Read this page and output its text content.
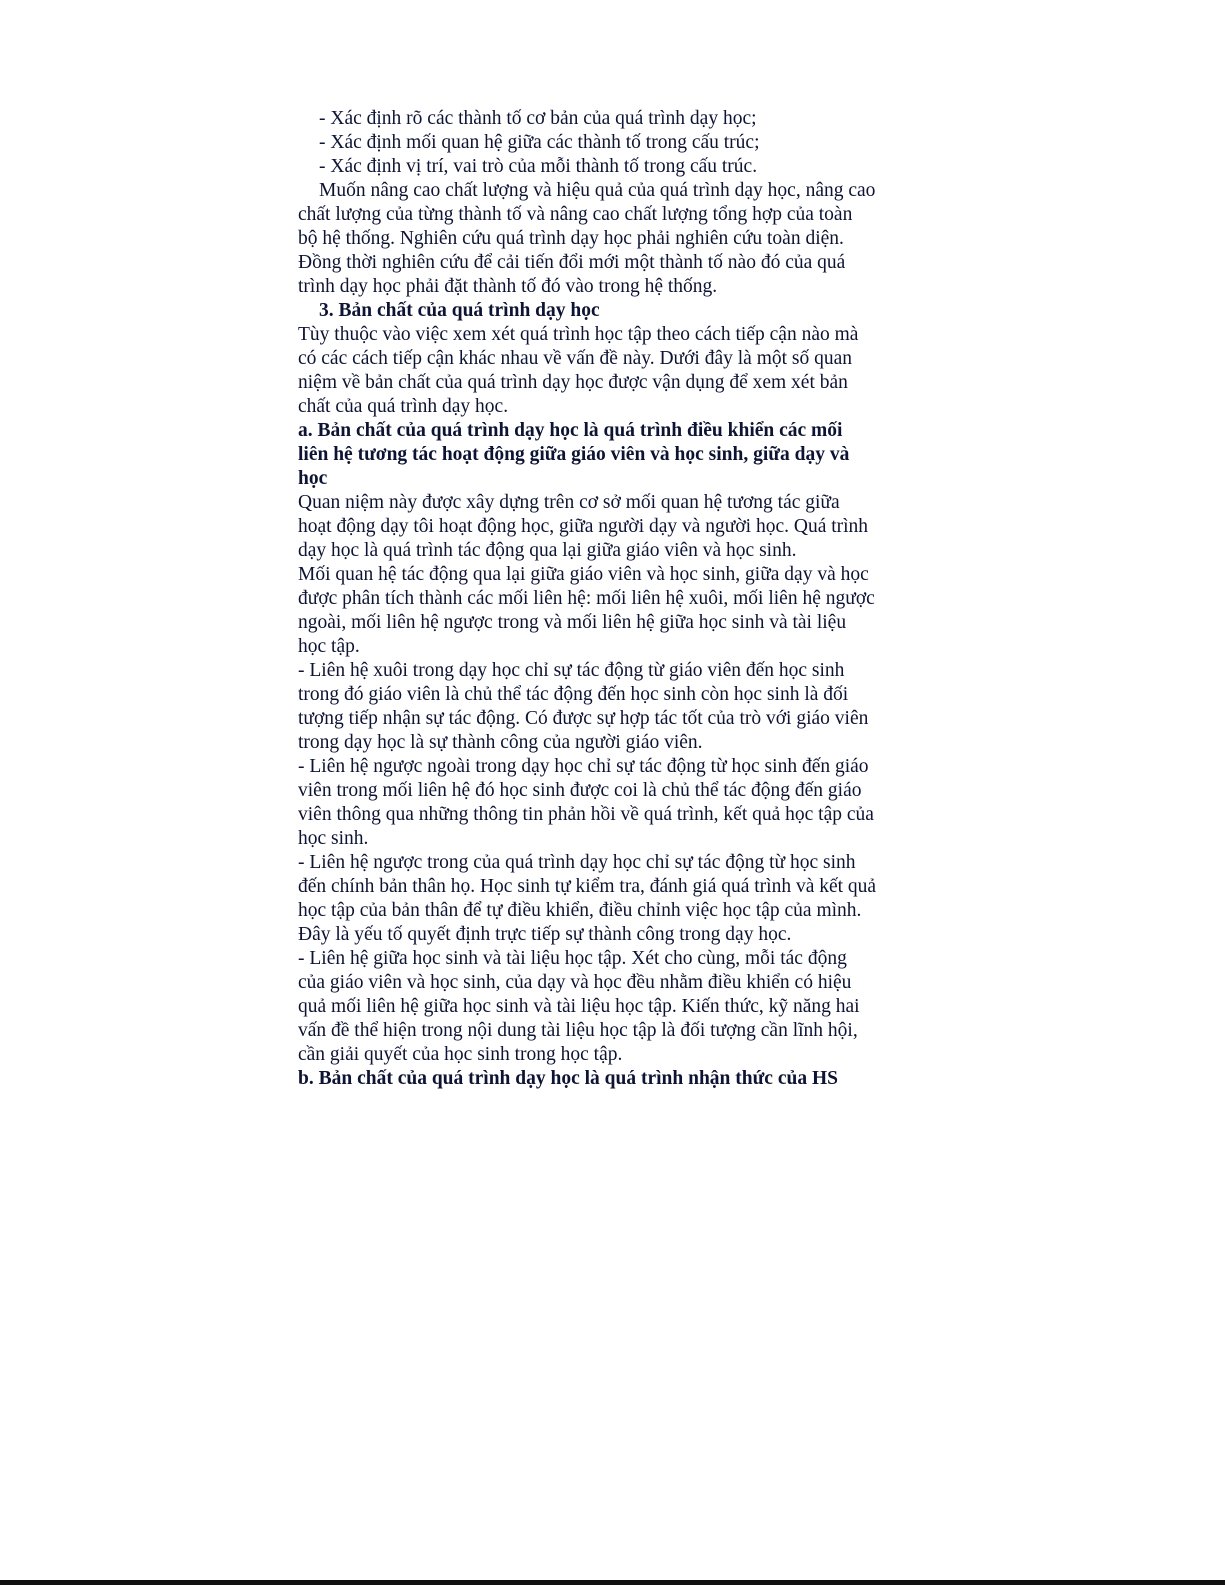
- Xác định rõ các thành tố cơ bản của quá trình dạy học;
- Xác định mối quan hệ giữa các thành tố trong cấu trúc;
- Xác định vị trí, vai trò của mỗi thành tố trong cấu trúc.
Muốn nâng cao chất lượng và hiệu quả của quá trình dạy học, nâng cao
chất lượng của từng thành tố và nâng cao chất lượng tổng hợp của toàn
bộ hệ thống. Nghiên cứu quá trình dạy học phải nghiên cứu toàn diện.
Đồng thời nghiên cứu để cải tiến đổi mới một thành tố nào đó của quá
trình dạy học phải đặt thành tố đó vào trong hệ thống.
3. Bản chất của quá trình dạy học
Tùy thuộc vào việc xem xét quá trình học tập theo cách tiếp cận nào mà
có các cách tiếp cận khác nhau về vấn đề này. Dưới đây là một số quan
niệm về bản chất của quá trình dạy học được vận dụng để xem xét bản
chất của quá trình dạy học.
a. Bản chất của quá trình dạy học là quá trình điều khiển các mối
liên hệ tương tác hoạt động giữa giáo viên và học sinh, giữa dạy và
học
Quan niệm này được xây dựng trên cơ sở mối quan hệ tương tác giữa
hoạt động dạy tôi hoạt động học, giữa người dạy và người học. Quá trình
dạy học là quá trình tác động qua lại giữa giáo viên và học sinh.
Mối quan hệ tác động qua lại giữa giáo viên và học sinh, giữa dạy và học
được phân tích thành các mối liên hệ: mối liên hệ xuôi, mối liên hệ ngược
ngoài, mối liên hệ ngược trong và mối liên hệ giữa học sinh và tài liệu
học tập.
- Liên hệ xuôi trong dạy học chỉ sự tác động từ giáo viên đến học sinh
trong đó giáo viên là chủ thể tác động đến học sinh còn học sinh là đối
tượng tiếp nhận sự tác động. Có được sự hợp tác tốt của trò với giáo viên
trong dạy học là sự thành công của người giáo viên.
- Liên hệ ngược ngoài trong dạy học chỉ sự tác động từ học sinh đến giáo
viên trong mối liên hệ đó học sinh được coi là chủ thể tác động đến giáo
viên thông qua những thông tin phản hồi về quá trình, kết quả học tập của
học sinh.
- Liên hệ ngược trong của quá trình dạy học chỉ sự tác động từ học sinh
đến chính bản thân họ. Học sinh tự kiểm tra, đánh giá quá trình và kết quả
học tập của bản thân để tự điều khiển, điều chỉnh việc học tập của mình.
Đây là yếu tố quyết định trực tiếp sự thành công trong dạy học.
- Liên hệ giữa học sinh và tài liệu học tập. Xét cho cùng, mỗi tác động
của giáo viên và học sinh, của dạy và học đều nhằm điều khiển có hiệu
quả mối liên hệ giữa học sinh và tài liệu học tập. Kiến thức, kỹ năng hai
vấn đề thể hiện trong nội dung tài liệu học tập là đối tượng cần lĩnh hội,
cần giải quyết của học sinh trong học tập.
b. Bản chất của quá trình dạy học là quá trình nhận thức của HS
